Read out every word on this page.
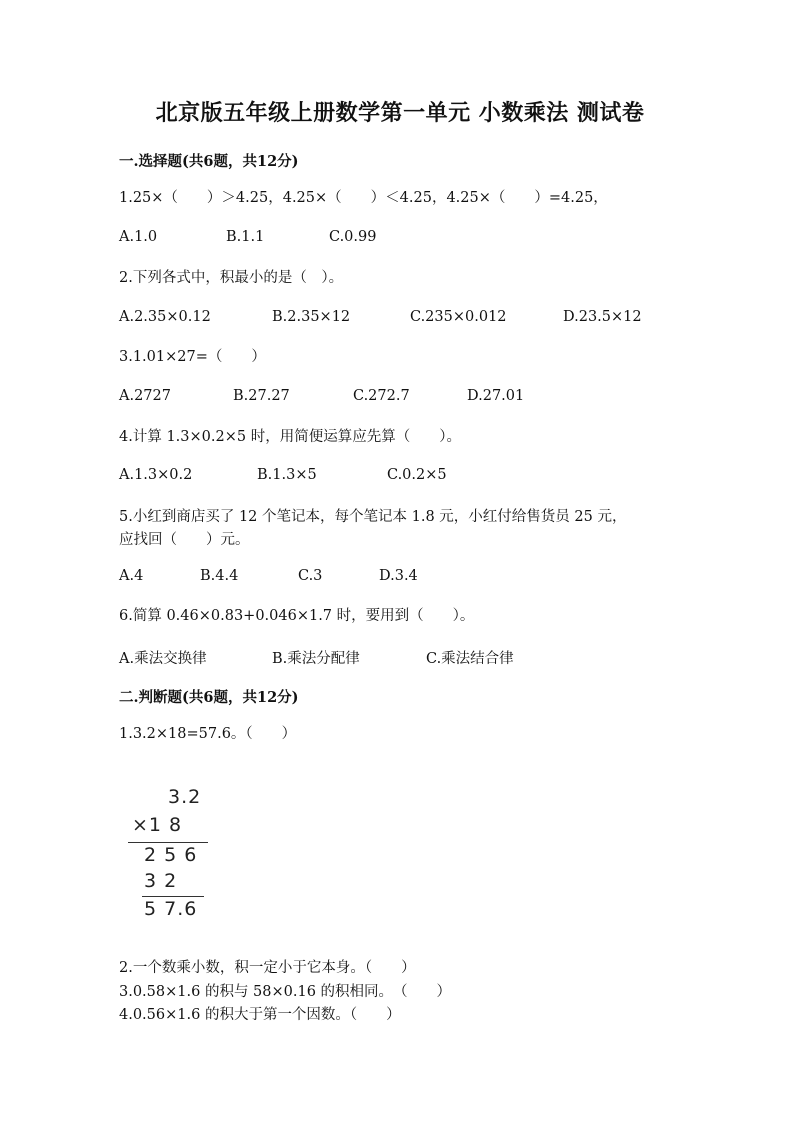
北京版五年级上册数学第一单元 小数乘法 测试卷
一.选择题(共6题，共12分)
1.25×（　　）＞4.25，4.25×（　　）＜4.25，4.25×（　　）=4.25，
A.1.0	B.1.1	C.0.99
2.下列各式中，积最小的是（　）。
A.2.35×0.12	B.2.35×12	C.235×0.012	D.23.5×12
3.1.01×27=（　　）
A.2727	B.27.27	C.272.7	D.27.01
4.计算 1.3×0.2×5 时，用简便运算应先算（　　）。
A.1.3×0.2	B.1.3×5	C.0.2×5
5.小红到商店买了 12 个笔记本，每个笔记本 1.8 元，小红付给售货员 25 元，
应找回（　　）元。
A.4	B.4.4	C.3	D.3.4
6.简算 0.46×0.83+0.046×1.7 时，要用到（　　）。
A.乘法交换律	B.乘法分配律	C.乘法结合律
二.判断题(共6题，共12分)
1.3.2×18=57.6。（　　）
3.2
×1 8
2 5 6
3 2
5 7.6
2.一个数乘小数，积一定小于它本身。（　　）
3.0.58×1.6 的积与 58×0.16 的积相同。　（　　）
4.0.56×1.6 的积大于第一个因数。（　　）
